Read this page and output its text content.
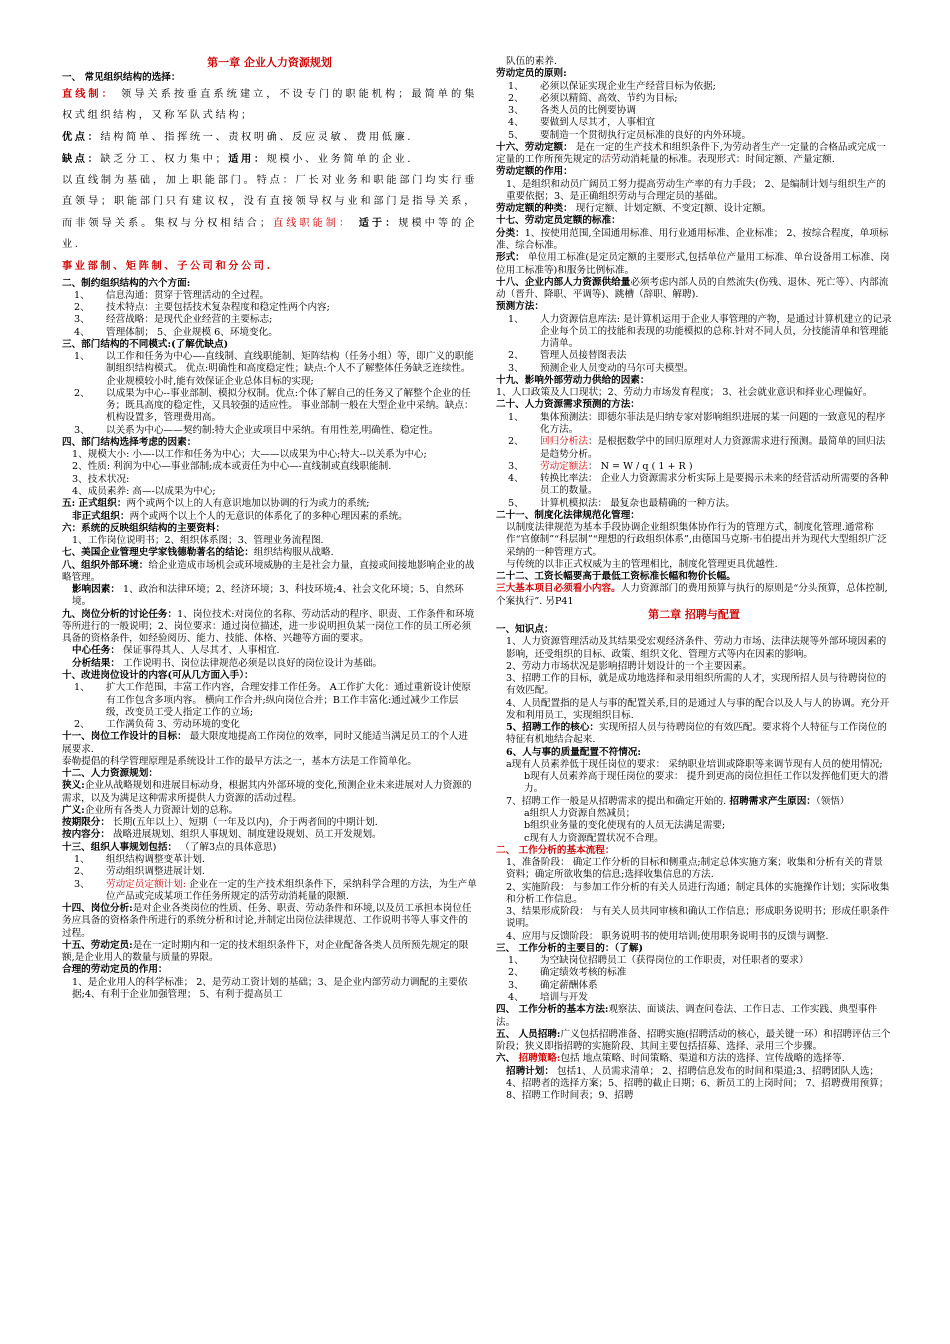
第一章 企业人力资源规划

一、 常见组织结构的选择：

直线制： 领导关系按垂直系统建立，不设专门的职能机构；最简单的集权式组织结构，又称军队式结构；

优点：结构简单、指挥统一、责权明确、反应灵敏、费用低廉.

缺点：缺乏分工、权力集中；适用：规模小、业务简单的企业.

以直线制为基础，加上职能部门。特点：厂长对业务和职能部门均实行垂直领导；职能部门只有建议权，没有直接领导权与业和部门是指导关系，而非领导关系。集权与分权相结合；直线职能制： 适于：规模中等的企业.

事业部制、矩阵制、子公司和分公司.

二、制约组织结构的六个方面:

1、	信息沟通：贯穿于管理活动的全过程。
2、	技术特点：主要包括技术复杂程度和稳定性两个内容;
3、	经营战略：是现代企业经营的主要标志;
4、	管理体制； 5、企业规模 6、环境变化。

三、部门结构的不同模式:(了解优缺点)

1、	以工作和任务为中心—-直线制、直线职能制、矩阵结构（任务小组）等，即广义的职能制组织结构模式。 优点:明确性和高度稳定性；缺点:个人不了解整体任务缺乏连续性。企业规模较小时,能有效保证企业总体目标的实现;
2、	以成果为中心--事业部制、模拟分权制。优点:个体了解自己的任务又了解整个企业的任务；既具高度的稳定性，又具较强的适应性。 事业部制一般在大型企业中采纳。缺点：机构设置多，管理费用高。
3、	以关系为中心——契约制:特大企业或项目中采纳。有用性差,明确性、稳定性。

四、部门结构选择考虑的因素：

1、规模大小: 小—-以工作和任务为中心；大——以成果为中心;特大--以关系为中心;

2、性质: 利润为中心—事业部制;成本或责任为中心—-直线制或直线职能制.

3、技术状况:

4、成员素养: 高—-以成果为中心;

五: 正式组织：两个或两个以上的人有意识地加以协调的行为或力的系统;

非正式组织：两个或两个以上个人的无意识的体系化了的多种心理因素的系统。

六：系统的反映组织结构的主要资料：

1、工作岗位说明书；2、组织体系图；3、管理业务流程图.

七、美国企业管理史学家钱德勒著名的结论：组织结构服从战略.

八、组织外部环境：给企业造成市场机会或环境威胁的主是社会力量，直接或间接地影响企业的战略管理。

影响因素： 1、政治和法律环境；2、经济环境；3、科技环境;4、社会文化环境；5、自然环境。

九、岗位分析的讨论任务：1、岗位技术:对岗位的名称、劳动活动的程序、职责、工作条件和环境等所进行的一般说明；2、岗位要求：通过岗位描述，进一步说明担负某一岗位工作的员工所必须具备的资格条件，如经验阅历、能力、技能、体格、兴趣等方面的要求。

中心任务： 保证事得其人、人尽其才、人事相宜.

分析结果： 工作说明书、岗位法律规范必须是以良好的岗位设计为基础。

十、改进岗位设计的内容(可从几方面入手）：

1、	扩大工作范围，丰富工作内容，合理安排工作任务。 A工作扩大化：通过重新设计使原有工作包含多项内容。 横向工作合并;纵向岗位合并；B工作丰富化:通过减少工作层级，改变员工受人指定工作的立场;
2、	工作满负荷 3、劳动环境的变化

十一、岗位工作设计的目标： 最大限度地提高工作岗位的效率，同时又能适当满足员工的个人进展要求.

泰勒提倡的科学管理原理是系统设计工作的最早方法之一，基本方法是工作简单化。

十二、人力资源规划：

狭义:企业从战略规划和进展目标动身，根据其内外部环境的变化,预测企业未来进展对人力资源的需求，以及为满足这种需求所提供人力资源的活动过程。

广义:企业所有各类人力资源计划的总称。

按期限分： 长期(五年以上）、短期（一年及以内)，介于两者间的中期计划.

按内容分： 战略进展规划、组织人事规划、制度建设规划、员工开发规划。

十三、组织人事规划包括： （了解3点的具体意思)

1、	组织结构调整变革计划.
2、	劳动组织调整进展计划.
3、	劳动定员定额计划: 企业在一定的生产技术组织条件下，采纳科学合理的方法，为生产单位产品或完成某项工作任务所规定的活劳动消耗量的限额.

十四、岗位分析:是对企业各类岗位的性质、任务、职责、劳动条件和环境,以及员工承担本岗位任务应具备的资格条件所进行的系统分析和讨论,并制定出岗位法律规范、工作说明书等人事文件的过程。

十五、劳动定员:是在一定时期内和一定的技术组织条件下，对企业配备各类人员所预先规定的限额,是企业用人的数量与质量的界限。

合理的劳动定员的作用：

1、是企业用人的科学标准； 2、是劳动工资计划的基础；3、是企业内部劳动力调配的主要依据;4、有利于企业加强管理； 5、有利于提高员工

队伍的素养.

劳动定员的原则:

1、	必须以保证实现企业生产经营目标为依据;
2、	必须以精简、高效、节约为目标;
3、	各类人员的比例要协调
4、	要做到人尽其才，人事相宜
5、	要制造一个贯彻执行定员标准的良好的内外环境。

十六、劳动定额： 是在一定的生产技术和组织条件下,为劳动者生产一定量的合格品或完成一定量的工作所预先规定的活劳动消耗量的标准。表现形式：时间定额、产量定额.

劳动定额的作用：

1、是组织和动员广阔员工努力提高劳动生产率的有力手段； 2、是编制计划与组织生产的重要依据；3、是正确组织劳动与合理定员的基础。

劳动定额的种类： 现行定额、计划定额、不变定[额、设计定额。

十七、劳动定员定额的标准：

分类：1、按使用范围,全国通用标准、用行业通用标准、企业标准； 2、按综合程度，单项标准、综合标准。

形式： 单位用工标准(是定员定额的主要形式,包括单位产量用工标准、单台设备用工标准、岗位用工标准等)和服务比例标准。

十八、企业内部人力资源供给量必须考虑内部人员的自然流失(伤残、退休、死亡等）、内部流动（晋升、降职、平调等)、跳槽（辞职、解聘).

预测方法：

1、	人力资源信息库法: 是计算机运用于企业人事管理的产物，是通过计算机建立的记录企业每个员工的技能和表现的功能模拟的总称.针对不同人员，分技能清单和管理能力清单。
2、	管理人员接替图表法
3、	预测企业人员变动的马尔可夫模型。

十九、影响外部劳动力供给的因素：

1、人口政策及人口现状；2、劳动力市场发育程度； 3、社会就业意识和择业心理偏好。

二十、人力资源需求预测的方法：

1、	集体预测法：即德尔菲法是归纳专家对影响组织进展的某一问题的一致意见的程序化方法。
2、	回归分析法：是根据数学中的回归原理对人力资源需求进行预测。最简单的回归法是趋势分析。
3、	劳动定额法： N = W / q ( 1 + R )
4、	转换比率法： 企业人力资源需求分析实际上是要揭示未来的经营活动所需要的各种员工的数量。
5、	计算机模拟法： 最复杂也最精确的一种方法。

二十一、制度化法律规范化管理：

以制度法律规范为基本手段协调企业组织集体协作行为的管理方式，制度化管理.通常称作“官僚制”“科层制”“理想的行政组织体系”,由德国马克斯·韦伯提出并为现代大型组织广泛采纳的一种管理方式。

与传统的以非正式权威为主的管理相比，制度化管理更具优越性.

二十二、工资长幅要高于最低工资标准长幅和物价长幅。

三大基本项目必须看小内容。人力资源部门的费用预算与执行的原则是“分头预算，总体控制,个案执行”. 另P41

第二章 招聘与配置

一、知识点：

1、人力资源管理活动及其结果受宏观经济条件、劳动力市场、法律法规等外部环境因素的影响，还受组织的目标、政策、组织文化、管理方式等内在因素的影响。

2、劳动力市场状况是影响招聘计划设计的一个主要因素。

3、招聘工作的目标，就是成功地选择和录用组织所需的人才，实现所招人员与待聘岗位的有效匹配。

4、人员配置指的是人与事的配置关系,目的是通过人与事的配合以及人与人的协调。充分开发和利用员工，实现组织目标.

5、招聘工作的核心：实现所招人员与待聘岗位的有效匹配。要求将个人特征与工作岗位的特征有机地结合起来.

6、人与事的质量配置不符情况:

a现有人员素养低于现任岗位的要求： 采纳职业培训或降职等来调节现有人员的使用情况;

b现有人员素养高于现任岗位的要求： 提升到更高的岗位担任工作以发挥他们更大的潜力。

7、招聘工作一般是从招聘需求的提出和确定开始的. 招聘需求产生原因：（领悟）

a组织人力资源自然减员；

b组织业务量的变化使现有的人员无法满足需要;

c现有人力资源配置状况不合理。

二、 工作分析的基本流程：

1、准备阶段： 确定工作分析的目标和侧重点;制定总体实施方案；收集和分析有关的背景资料；确定所欲收集的信息;选择收集信息的方法.

2、实施阶段： 与参加工作分析的有关人员进行沟通；制定具体的实施操作计划；实际收集和分析工作信息。

3、结果形成阶段： 与有关人员共同审核和确认工作信息；形成职务说明书；形成任职条件说明。

4、应用与反馈阶段： 职务说明书的使用培训;使用职务说明书的反馈与调整.

三、 工作分析的主要目的：（了解)

1、	为空缺岗位招聘员工（获得岗位的工作职责，对任职者的要求）
2、	确定绩效考核的标准
3、	确定薪酬体系
4、	培训与开发

四、 工作分析的基本方法:观察法、面谈法、调查问卷法、工作日志、工作实践、典型事件法。

五、 人员招聘:广义包括招聘准备、招聘实施(招聘活动的核心，最关键一环）和招聘评估三个阶段；狭义即指招聘的实施阶段、其间主要包括招募、选择、录用三个步骤。

六、 招聘策略:包括 地点策略、时间策略、渠道和方法的选择、宣传战略的选择等.

招聘计划： 包括1、人员需求清单； 2、招聘信息发布的时间和渠道;3、招聘团队人选； 4、招聘者的选择方案；5、招聘的截止日期；6、新员工的上岗时间； 7、招聘费用预算； 8、招聘工作时间表；9、招聘
